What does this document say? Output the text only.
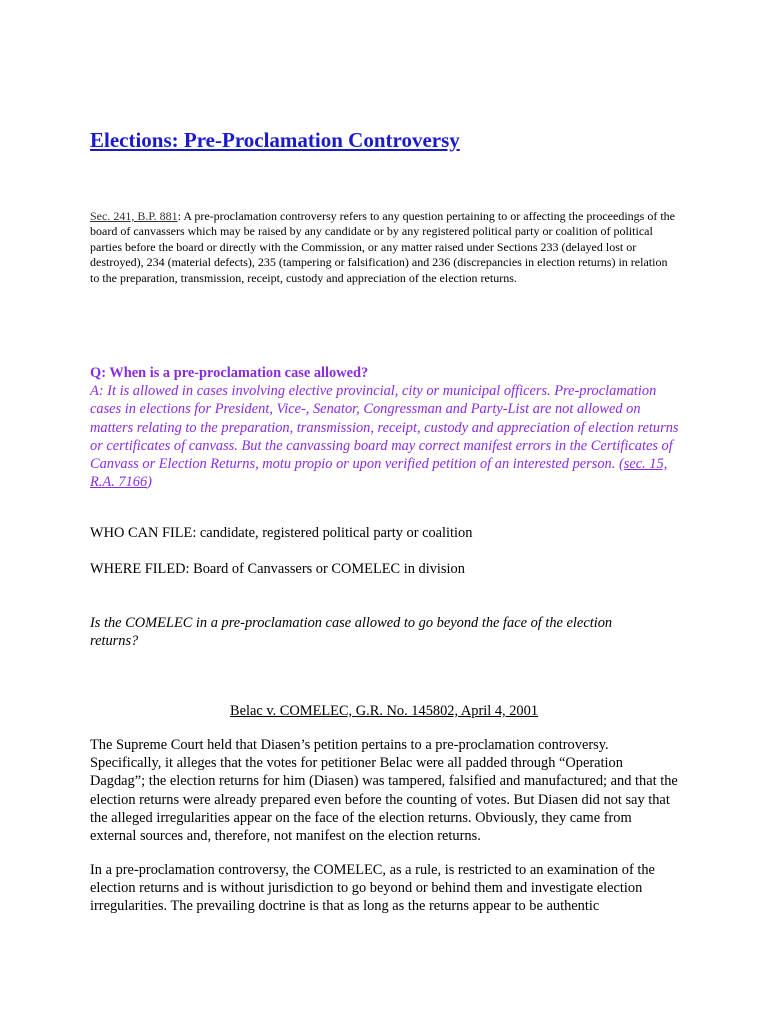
Elections: Pre-Proclamation Controversy

Sec. 241, B.P. 881: A pre-proclamation controversy refers to any question pertaining to or affecting the proceedings of the board of canvassers which may be raised by any candidate or by any registered political party or coalition of political parties before the board or directly with the Commission, or any matter raised under Sections 233 (delayed lost or destroyed), 234 (material defects), 235 (tampering or falsification) and 236 (discrepancies in election returns) in relation to the preparation, transmission, receipt, custody and appreciation of the election returns.

Q: When is a pre-proclamation case allowed?
A: It is allowed in cases involving elective provincial, city or municipal officers. Pre-proclamation cases in elections for President, Vice-, Senator, Congressman and Party-List are not allowed on matters relating to the preparation, transmission, receipt, custody and appreciation of election returns or certificates of canvass. But the canvassing board may correct manifest errors in the Certificates of Canvass or Election Returns, motu propio or upon verified petition of an interested person. (sec. 15, R.A. 7166)

WHO CAN FILE: candidate, registered political party or coalition

WHERE FILED: Board of Canvassers or COMELEC in division

Is the COMELEC in a pre-proclamation case allowed to go beyond the face of the election returns?

Belac v. COMELEC, G.R. No. 145802, April 4, 2001

The Supreme Court held that Diasen’s petition pertains to a pre-proclamation controversy. Specifically, it alleges that the votes for petitioner Belac were all padded through “Operation Dagdag”; the election returns for him (Diasen) was tampered, falsified and manufactured; and that the election returns were already prepared even before the counting of votes. But Diasen did not say that the alleged irregularities appear on the face of the election returns. Obviously, they came from external sources and, therefore, not manifest on the election returns.

In a pre-proclamation controversy, the COMELEC, as a rule, is restricted to an examination of the election returns and is without jurisdiction to go beyond or behind them and investigate election irregularities. The prevailing doctrine is that as long as the returns appear to be authentic
